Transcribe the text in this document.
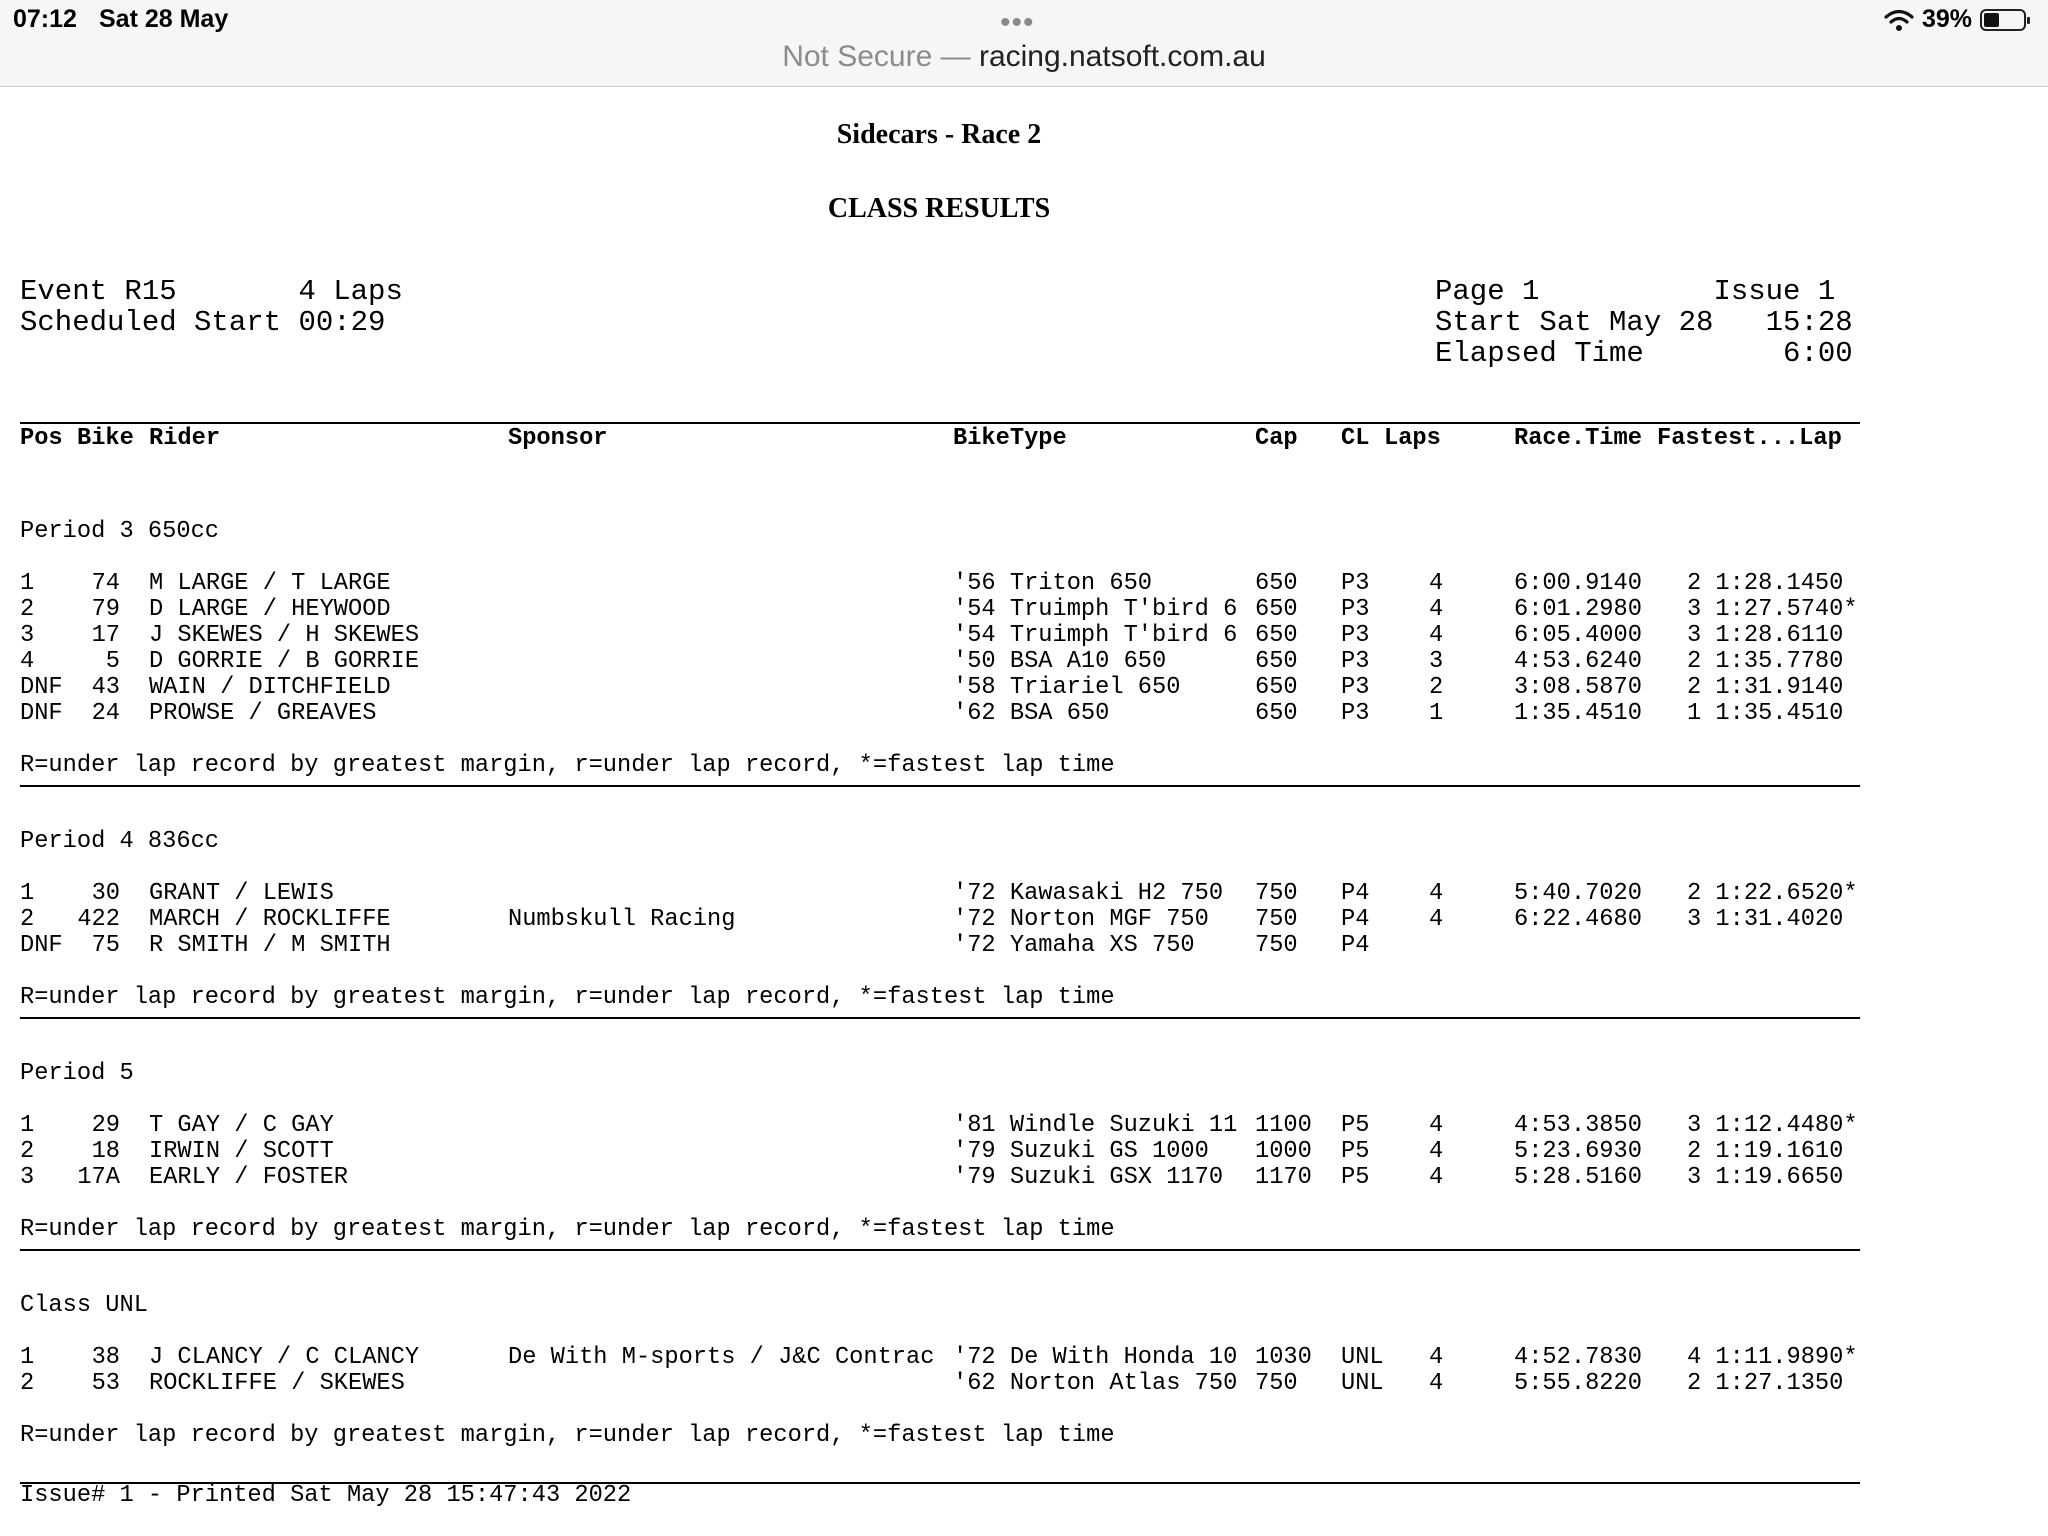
07:12 Sat 28 May	•••
Not Secure — racing.natsoft.com.au
39%
Sidecars - Race 2
CLASS RESULTS
Event R15       4 Laps
Scheduled Start 00:29
Page 1          Issue 1
Start Sat May 28   15:28
Elapsed Time        6:00
Pos Bike Rider	Sponsor	BikeType	Cap CL Laps	Race.Time Fastest...Lap
Period 3 650cc
1	74 M LARGE / T LARGE	'56 Triton 650	650 P3	4	6:00.9140 2 1:28.1450
2	79 D LARGE / HEYWOOD	'54 Truimph T'bird 6 650 P3	4	6:01.2980 3 1:27.5740*
3	17 J SKEWES / H SKEWES	'54 Truimph T'bird 6 650 P3	4	6:05.4000 3 1:28.6110
4	5 D GORRIE / B GORRIE	'50 BSA A10 650	650 P3	3	4:53.6240 2 1:35.7780
DNF	43 WAIN / DITCHFIELD	'58 Triariel 650	650 P3	2	3:08.5870 2 1:31.9140
DNF	24 PROWSE / GREAVES	'62 BSA 650	650 P3	1	1:35.4510 1 1:35.4510
R=under lap record by greatest margin, r=under lap record, *=fastest lap time
Period 4 836cc
1	30 GRANT / LEWIS	'72 Kawasaki H2 750 750 P4	4	5:40.7020 2 1:22.6520*
2	422 MARCH / ROCKLIFFE	Numbskull Racing	'72 Norton MGF 750 750 P4	4	6:22.4680 3 1:31.4020
DNF	75 R SMITH / M SMITH	'72 Yamaha XS 750	750 P4
R=under lap record by greatest margin, r=under lap record, *=fastest lap time
Period 5
1	29 T GAY / C GAY	'81 Windle Suzuki 11 1100 P5	4	4:53.3850 3 1:12.4480*
2	18 IRWIN / SCOTT	'79 Suzuki GS 1000 1000 P5	4	5:23.6930 2 1:19.1610
3	17A EARLY / FOSTER	'79 Suzuki GSX 1170 1170 P5	4	5:28.5160 3 1:19.6650
R=under lap record by greatest margin, r=under lap record, *=fastest lap time
Class UNL
1	38 J CLANCY / C CLANCY	De With M-sports / J&C Contrac '72 De With Honda 10 1030 UNL 4	4:52.7830 4 1:11.9890*
2	53 ROCKLIFFE / SKEWES	'62 Norton Atlas 750 750 UNL 4	5:55.8220 2 1:27.1350
R=under lap record by greatest margin, r=under lap record, *=fastest lap time
Issue# 1 - Printed Sat May 28 15:47:43 2022
